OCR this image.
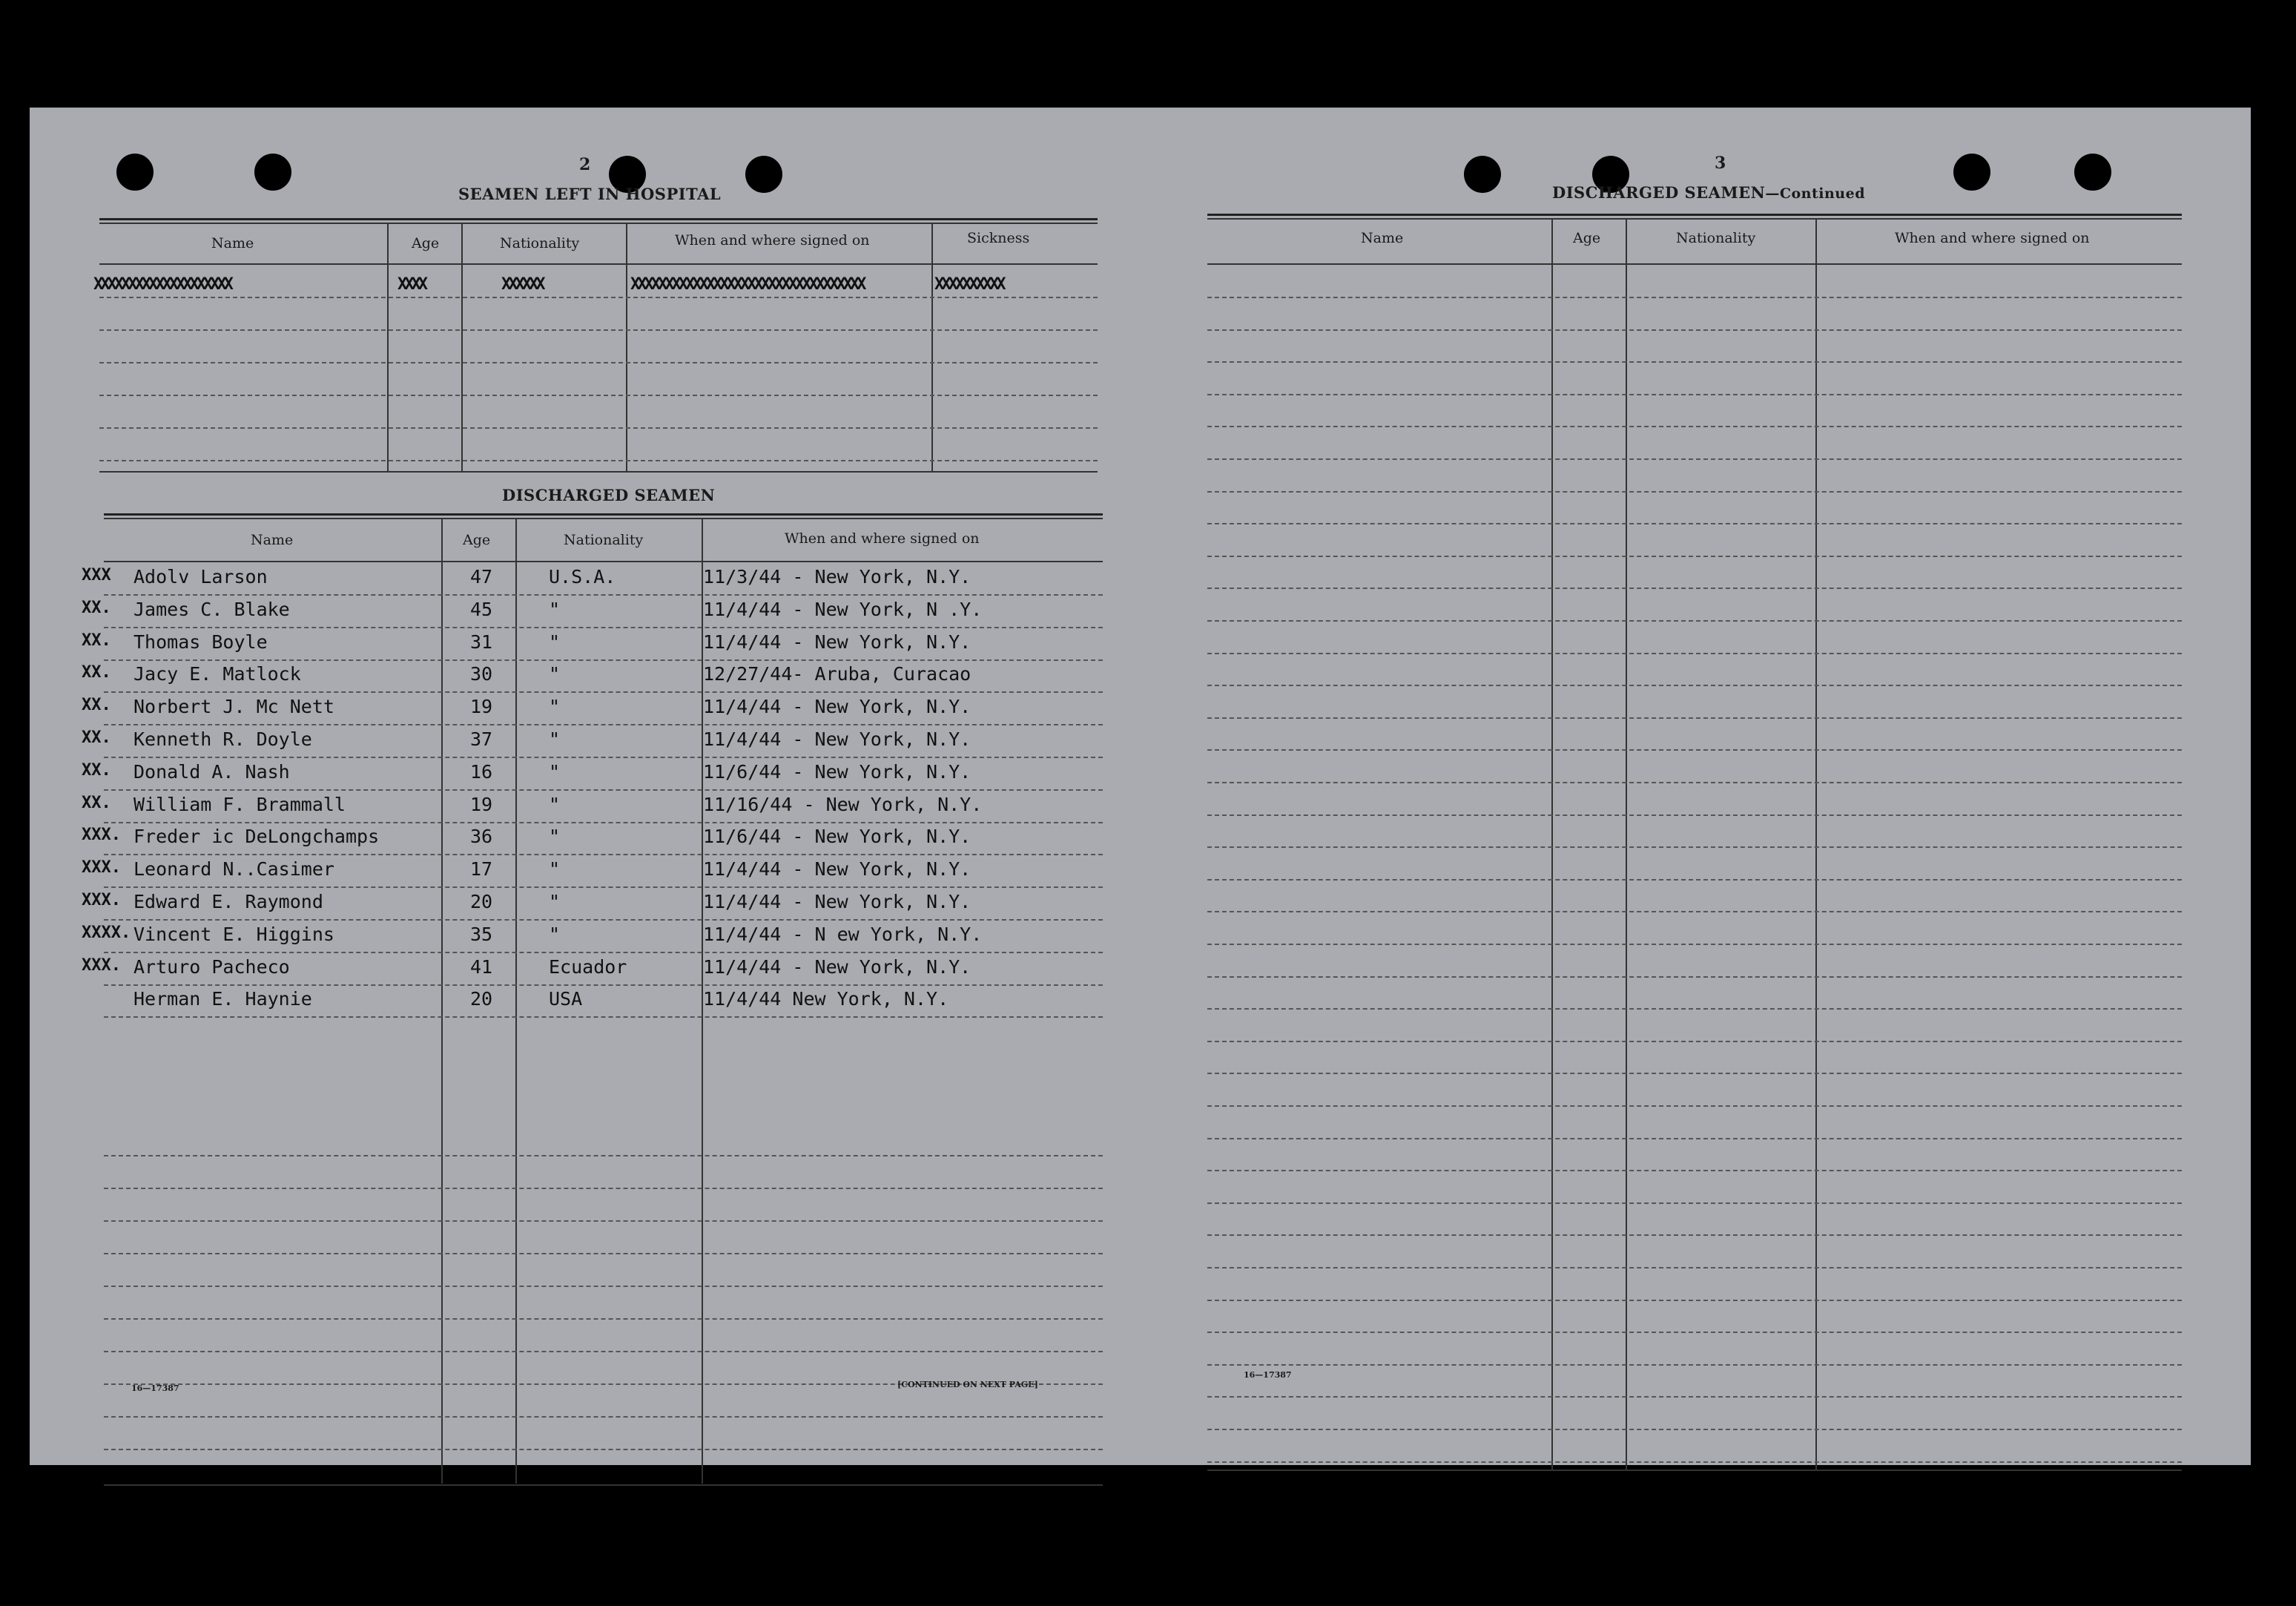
2
SEAMEN LEFT IN HOSPITAL
Name	Age	Nationality	When and where signed on	Sickness
XXXXXXXXXXXXXXXXXXXX	XXXX	XXXXXX	XXXXXXXXXXXXXXXXXXXXXXXXXXXXXXXXXX	XXXXXXXXXX
DISCHARGED SEAMEN
Name	Age	Nationality	When and where signed on
XXX Adolv Larson	47	U.S.A.	11/3/44 - New York, N.Y.
XX. James C. Blake	45	"	11/4/44 - New York, N .Y.
XX. Thomas Boyle	31	"	11/4/44 - New York, N.Y.
XX. Jacy E. Matlock	30	"	12/27/44- Aruba, Curacao
XX. Norbert J. Mc Nett	19	"	11/4/44 - New York, N.Y.
XX. Kenneth R. Doyle	37	"	11/4/44 - New York, N.Y.
XX. Donald A. Nash	16	"	11/6/44 - New York, N.Y.
XX. William F. Brammall	19	"	11/16/44 - New York, N.Y.
XXX. Freder ic DeLongchamps	36	"	11/6/44 - New York, N.Y.
XXX. Leonard N..Casimer	17	"	11/4/44 - New York, N.Y.
XXX. Edward E. Raymond	20	"	11/4/44 - New York, N.Y.
XXXX. Vincent E. Higgins	35	"	11/4/44 - N ew York, N.Y.
XXX. Arturo Pacheco	41	Ecuador	11/4/44 - New York, N.Y.
Herman E. Haynie	20	USA	11/4/44 New York, N.Y.
16—17387	[CONTINUED ON NEXT PAGE]
3
DISCHARGED SEAMEN—Continued
Name	Age	Nationality	When and where signed on
16—17387
